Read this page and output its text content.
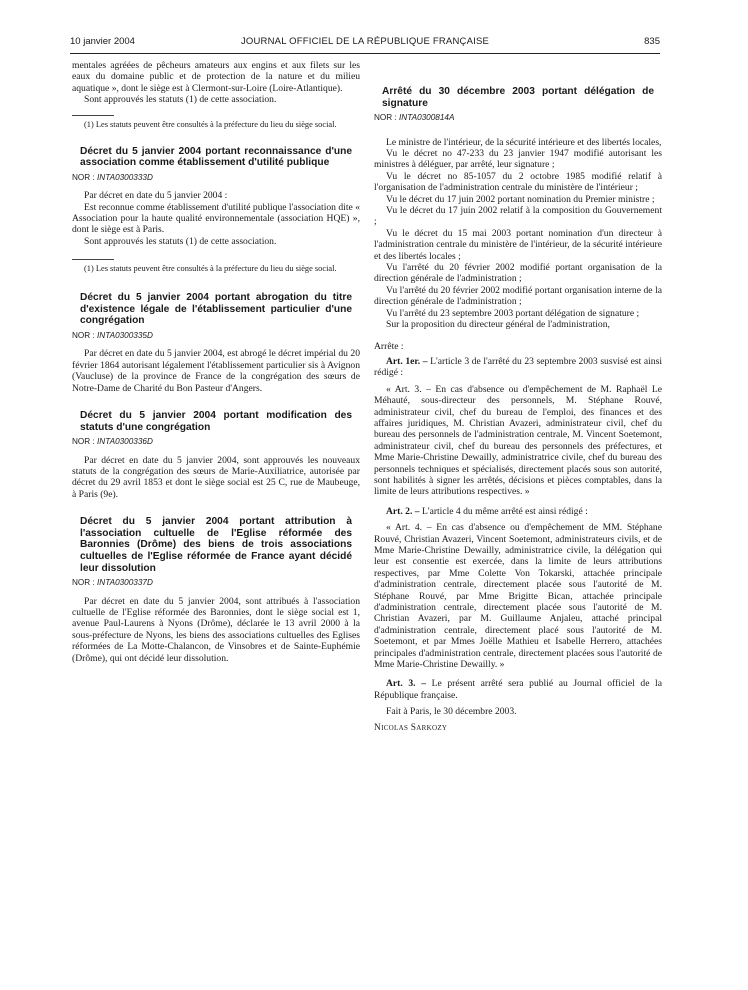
10 janvier 2004	JOURNAL OFFICIEL DE LA RÉPUBLIQUE FRANÇAISE	835

mentales agréées de pêcheurs amateurs aux engins et aux filets sur les eaux du domaine public et de protection de la nature et du milieu aquatique », dont le siège est à Clermont-sur-Loire (Loire-Atlantique).

Sont approuvés les statuts (1) de cette association.

(1) Les statuts peuvent être consultés à la préfecture du lieu du siège social.

Décret du 5 janvier 2004 portant reconnaissance d'une association comme établissement d'utilité publique

NOR : INTA0300333D

Par décret en date du 5 janvier 2004 :

Est reconnue comme établissement d'utilité publique l'association dite « Association pour la haute qualité environnementale (association HQE) », dont le siège est à Paris.

Sont approuvés les statuts (1) de cette association.

(1) Les statuts peuvent être consultés à la préfecture du lieu du siège social.

Décret du 5 janvier 2004 portant abrogation du titre d'existence légale de l'établissement particulier d'une congrégation

NOR : INTA0300335D

Par décret en date du 5 janvier 2004, est abrogé le décret impérial du 20 février 1864 autorisant légalement l'établissement particulier sis à Avignon (Vaucluse) de la province de France de la congrégation des sœurs de Notre-Dame de Charité du Bon Pasteur d'Angers.

Décret du 5 janvier 2004 portant modification des statuts d'une congrégation

NOR : INTA0300336D

Par décret en date du 5 janvier 2004, sont approuvés les nouveaux statuts de la congrégation des sœurs de Marie-Auxiliatrice, autorisée par décret du 29 avril 1853 et dont le siège social est 25 C, rue de Maubeuge, à Paris (9e).

Décret du 5 janvier 2004 portant attribution à l'association cultuelle de l'Eglise réformée des Baronnies (Drôme) des biens de trois associations cultuelles de l'Eglise réformée de France ayant décidé leur dissolution

NOR : INTA0300337D

Par décret en date du 5 janvier 2004, sont attribués à l'association cultuelle de l'Eglise réformée des Baronnies, dont le siège social est 1, avenue Paul-Laurens à Nyons (Drôme), déclarée le 13 avril 2000 à la sous-préfecture de Nyons, les biens des associations cultuelles des Eglises réformées de La Motte-Chalancon, de Vinsobres et de Sainte-Euphémie (Drôme), qui ont décidé leur dissolution.

Arrêté du 30 décembre 2003 portant délégation de signature

NOR : INTA0300814A

Le ministre de l'intérieur, de la sécurité intérieure et des libertés locales,

Vu le décret no 47-233 du 23 janvier 1947 modifié autorisant les ministres à déléguer, par arrêté, leur signature ;

Vu le décret no 85-1057 du 2 octobre 1985 modifié relatif à l'organisation de l'administration centrale du ministère de l'intérieur ;

Vu le décret du 17 juin 2002 portant nomination du Premier ministre ;

Vu le décret du 17 juin 2002 relatif à la composition du Gouvernement ;

Vu le décret du 15 mai 2003 portant nomination d'un directeur à l'administration centrale du ministère de l'intérieur, de la sécurité intérieure et des libertés locales ;

Vu l'arrêté du 20 février 2002 modifié portant organisation de la direction générale de l'administration ;

Vu l'arrêté du 20 février 2002 modifié portant organisation interne de la direction générale de l'administration ;

Vu l'arrêté du 23 septembre 2003 portant délégation de signature ;

Sur la proposition du directeur général de l'administration,

Arrête :

Art. 1er. – L'article 3 de l'arrêté du 23 septembre 2003 susvisé est ainsi rédigé :

« Art. 3. – En cas d'absence ou d'empêchement de M. Raphaël Le Méhauté, sous-directeur des personnels, M. Stéphane Rouvé, administrateur civil, chef du bureau de l'emploi, des finances et des affaires juridiques, M. Christian Avazeri, administrateur civil, chef du bureau des personnels de l'administration centrale, M. Vincent Soetemont, administrateur civil, chef du bureau des personnels des préfectures, et Mme Marie-Christine Dewailly, administratrice civile, chef du bureau des personnels techniques et spécialisés, directement placés sous son autorité, sont habilités à signer les arrêtés, décisions et pièces comptables, dans la limite de leurs attributions respectives. »

Art. 2. – L'article 4 du même arrêté est ainsi rédigé :

« Art. 4. – En cas d'absence ou d'empêchement de MM. Stéphane Rouvé, Christian Avazeri, Vincent Soetemont, administrateurs civils, et de Mme Marie-Christine Dewailly, administratrice civile, la délégation qui leur est consentie est exercée, dans la limite de leurs attributions respectives, par Mme Colette Von Tokarski, attachée principale d'administration centrale, directement placée sous l'autorité de M. Stéphane Rouvé, par Mme Brigitte Bican, attachée principale d'administration centrale, directement placée sous l'autorité de M. Christian Avazeri, par M. Guillaume Anjaleu, attaché principal d'administration centrale, directement placé sous l'autorité de M. Soetemont, et par Mmes Joëlle Mathieu et Isabelle Herrero, attachées principales d'administration centrale, directement placées sous l'autorité de Mme Marie-Christine Dewailly. »

Art. 3. – Le présent arrêté sera publié au Journal officiel de la République française.

Fait à Paris, le 30 décembre 2003.

Nicolas Sarkozy
